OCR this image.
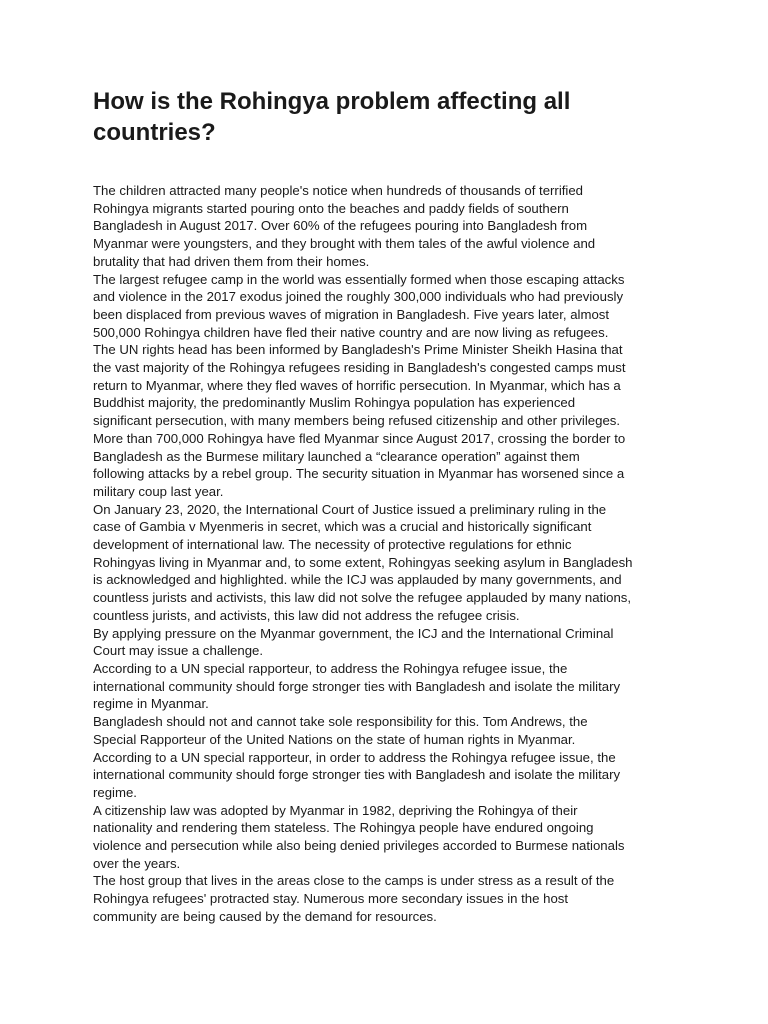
How is the Rohingya problem affecting all
countries?
The children attracted many people's notice when hundreds of thousands of terrified
Rohingya migrants started pouring onto the beaches and paddy fields of southern
Bangladesh in August 2017. Over 60% of the refugees pouring into Bangladesh from
Myanmar were youngsters, and they brought with them tales of the awful violence and
brutality that had driven them from their homes.
The largest refugee camp in the world was essentially formed when those escaping attacks
and violence in the 2017 exodus joined the roughly 300,000 individuals who had previously
been displaced from previous waves of migration in Bangladesh. Five years later, almost
500,000 Rohingya children have fled their native country and are now living as refugees.
The UN rights head has been informed by Bangladesh's Prime Minister Sheikh Hasina that
the vast majority of the Rohingya refugees residing in Bangladesh's congested camps must
return to Myanmar, where they fled waves of horrific persecution. In Myanmar, which has a
Buddhist majority, the predominantly Muslim Rohingya population has experienced
significant persecution, with many members being refused citizenship and other privileges.
More than 700,000 Rohingya have fled Myanmar since August 2017, crossing the border to
Bangladesh as the Burmese military launched a “clearance operation” against them
following attacks by a rebel group. The security situation in Myanmar has worsened since a
military coup last year.
On January 23, 2020, the International Court of Justice issued a preliminary ruling in the
case of Gambia v Myenmeris in secret, which was a crucial and historically significant
development of international law. The necessity of protective regulations for ethnic
Rohingyas living in Myanmar and, to some extent, Rohingyas seeking asylum in Bangladesh
is acknowledged and highlighted. while the ICJ was applauded by many governments, and
countless jurists and activists, this law did not solve the refugee applauded by many nations,
countless jurists, and activists, this law did not address the refugee crisis.
By applying pressure on the Myanmar government, the ICJ and the International Criminal
Court may issue a challenge.
According to a UN special rapporteur, to address the Rohingya refugee issue, the
international community should forge stronger ties with Bangladesh and isolate the military
regime in Myanmar.
Bangladesh should not and cannot take sole responsibility for this. Tom Andrews, the
Special Rapporteur of the United Nations on the state of human rights in Myanmar.
According to a UN special rapporteur, in order to address the Rohingya refugee issue, the
international community should forge stronger ties with Bangladesh and isolate the military
regime.
A citizenship law was adopted by Myanmar in 1982, depriving the Rohingya of their
nationality and rendering them stateless. The Rohingya people have endured ongoing
violence and persecution while also being denied privileges accorded to Burmese nationals
over the years.
The host group that lives in the areas close to the camps is under stress as a result of the
Rohingya refugees' protracted stay. Numerous more secondary issues in the host
community are being caused by the demand for resources.
